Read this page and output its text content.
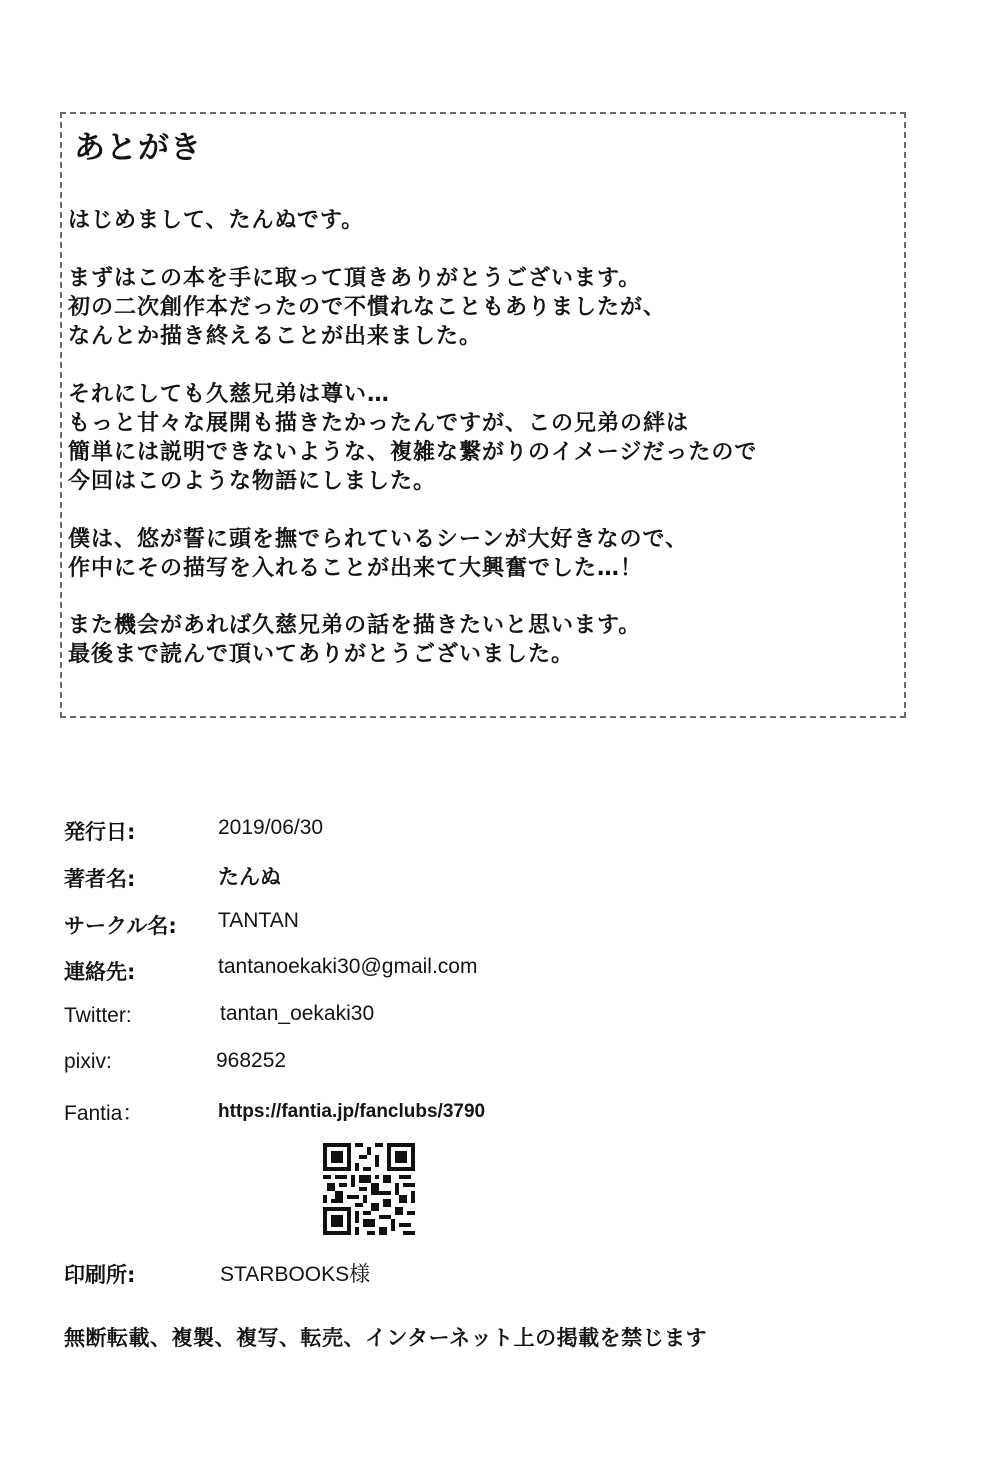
あとがき
はじめまして、たんぬです。
まずはこの本を手に取って頂きありがとうございます。
初の二次創作本だったので不慣れなこともありましたが、
なんとか描き終えることが出来ました。
それにしても久慈兄弟は尊い…
もっと甘々な展開も描きたかったんですが、この兄弟の絆は
簡単には説明できないような、複雑な繋がりのイメージだったので
今回はこのような物語にしました。
僕は、悠が誓に頭を撫でられているシーンが大好きなので、
作中にその描写を入れることが出来て大興奮でした…！
また機会があれば久慈兄弟の話を描きたいと思います。
最後まで読んで頂いてありがとうございました。
発行日:	2019/06/30
著者名:	たんぬ
サークル名: TANTAN
連絡先:	tantanoekaki30@gmail.com
Twitter:	tantan_oekaki30
pixiv:	968252
Fantia：	https://fantia.jp/fanclubs/3790
印刷所:	STARBOOKS様
無断転載、複製、複写、転売、インターネット上の掲載を禁じます
